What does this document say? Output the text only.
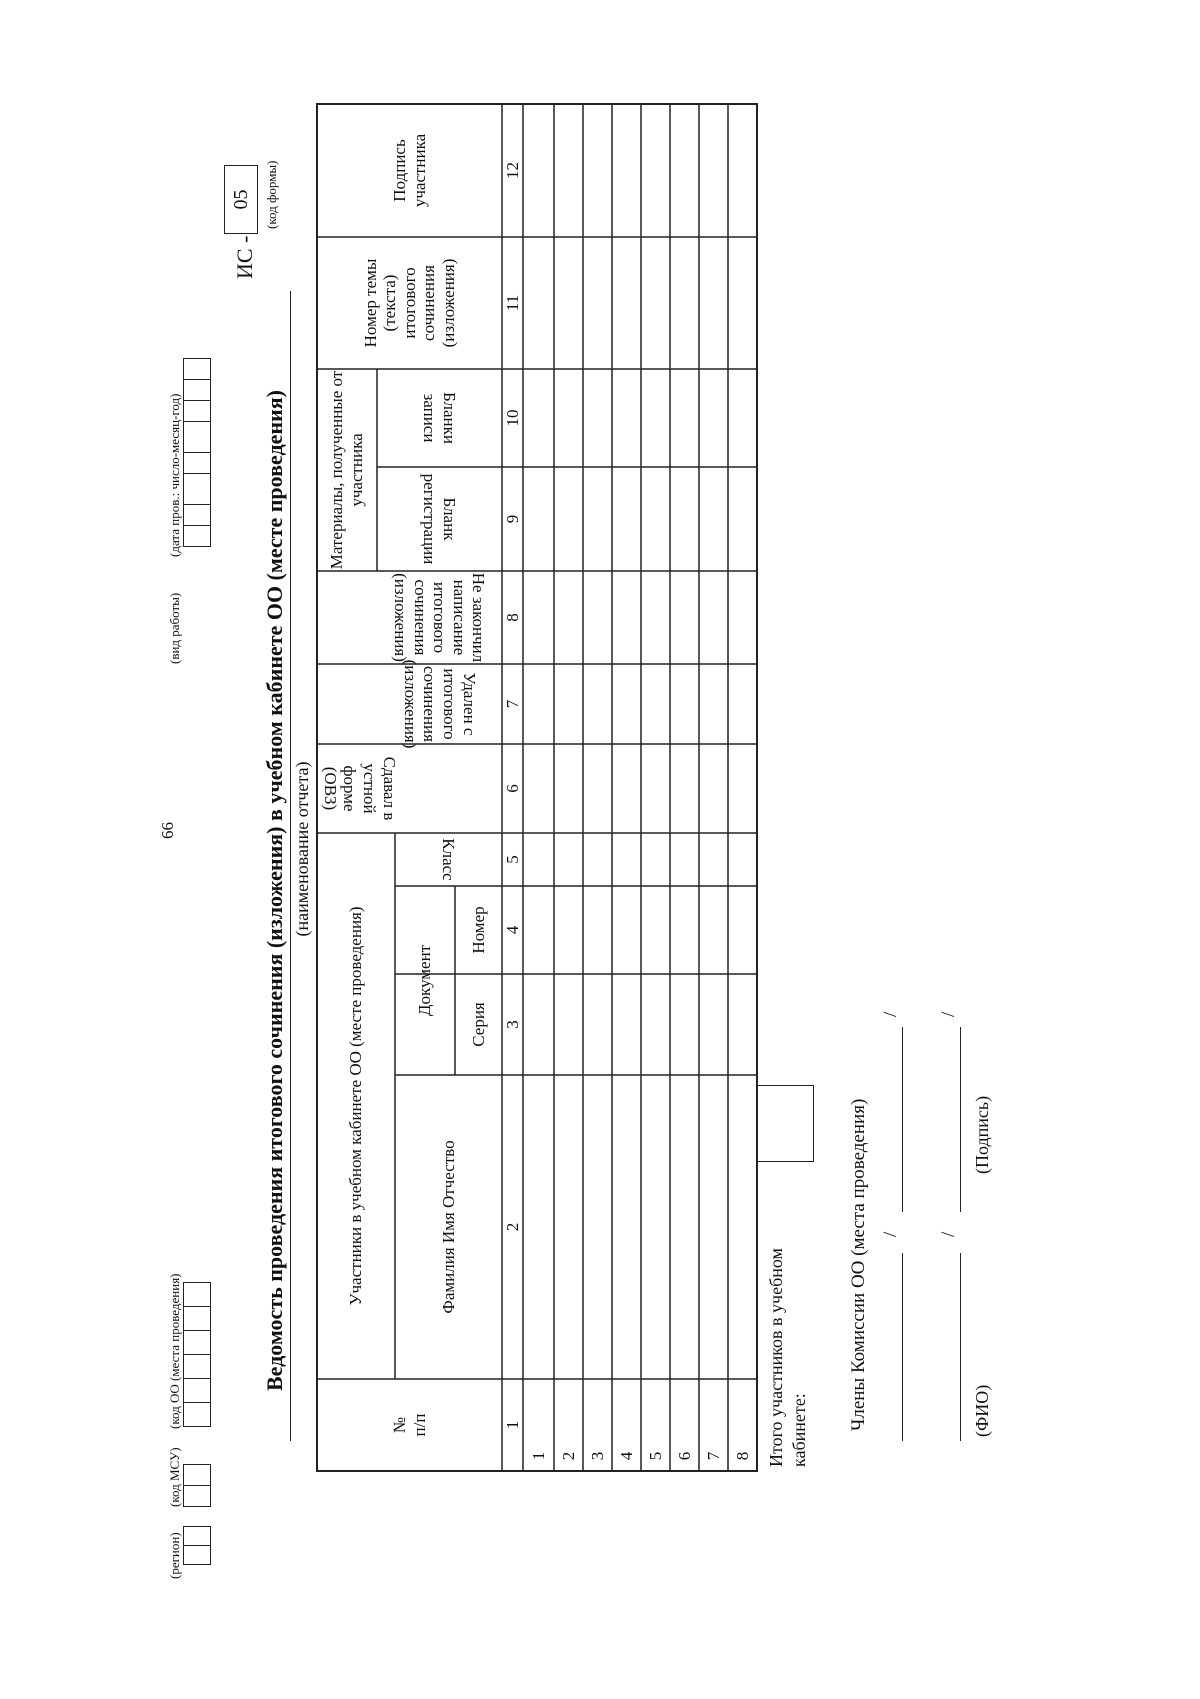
66
(регион)
(код МСУ)
(код ОО (места проведения)
(вид работы)
(дата пров.: число-месяц-год)
ИС -
05 (код формы)
Ведомость проведения итогового сочинения (изложения) в учебном кабинете ОО (месте проведения) (наименование отчета)
№ п/п
Участники в учебном кабинете ОО (месте проведения)	Фамилия Имя Отчество
Документ
Серия
Номер
Класс
Сдавал в устной форме (ОВЗ)
Удален с итогового сочинения (изложения)
Не закончил написание итогового сочинения (изложения)
Материалы, полученные от участника
Бланк регистрации
Бланки записи
Номер темы (текста) итогового сочинения (изложения)
Подпись участника
1
2
3
4
5
6
7
8
9
10
11
12
1 2 3 4 5 6 7 8 Итого участников в учебном кабинете: Члены Комиссии ОО (места проведения) /
/
/
/
(ФИО)
(Подпись)
